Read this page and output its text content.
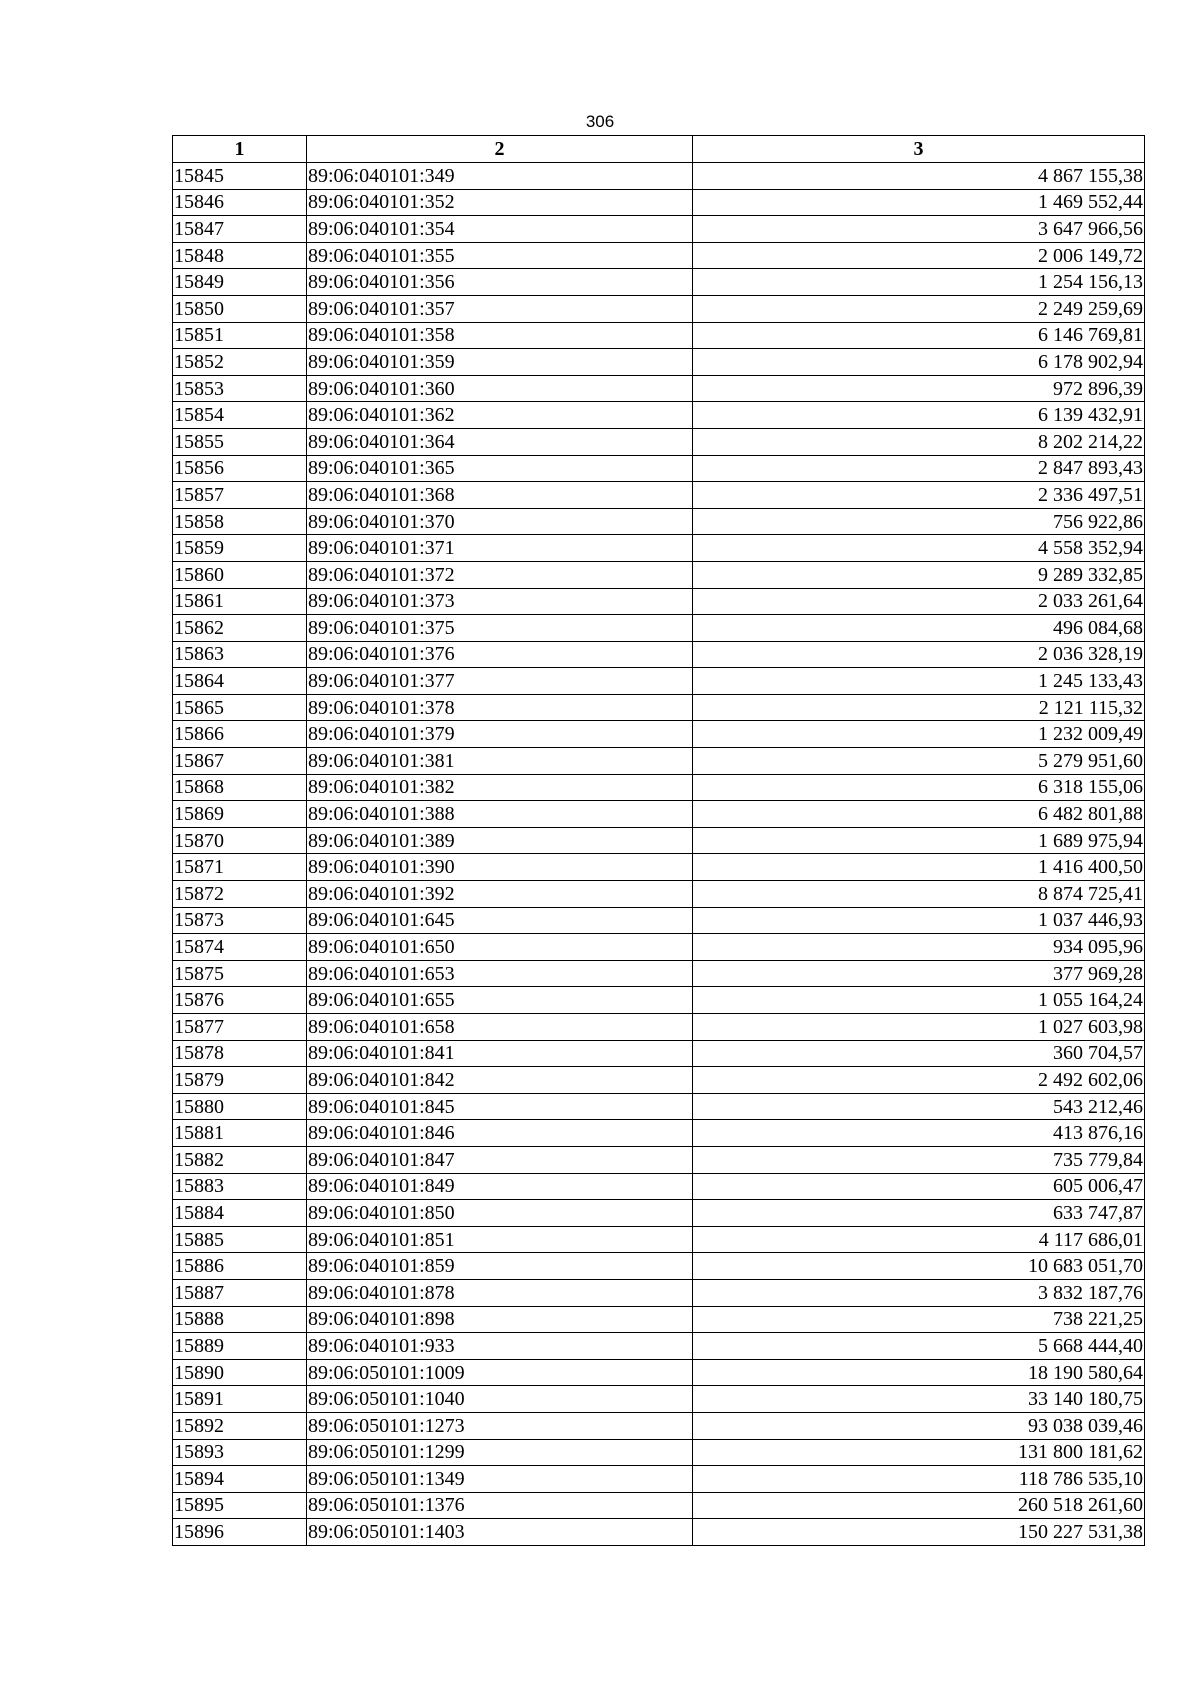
306
1	2	3
15845	89:06:040101:349	4 867 155,38
15846	89:06:040101:352	1 469 552,44
15847	89:06:040101:354	3 647 966,56
15848	89:06:040101:355	2 006 149,72
15849	89:06:040101:356	1 254 156,13
15850	89:06:040101:357	2 249 259,69
15851	89:06:040101:358	6 146 769,81
15852	89:06:040101:359	6 178 902,94
15853	89:06:040101:360	972 896,39
15854	89:06:040101:362	6 139 432,91
15855	89:06:040101:364	8 202 214,22
15856	89:06:040101:365	2 847 893,43
15857	89:06:040101:368	2 336 497,51
15858	89:06:040101:370	756 922,86
15859	89:06:040101:371	4 558 352,94
15860	89:06:040101:372	9 289 332,85
15861	89:06:040101:373	2 033 261,64
15862	89:06:040101:375	496 084,68
15863	89:06:040101:376	2 036 328,19
15864	89:06:040101:377	1 245 133,43
15865	89:06:040101:378	2 121 115,32
15866	89:06:040101:379	1 232 009,49
15867	89:06:040101:381	5 279 951,60
15868	89:06:040101:382	6 318 155,06
15869	89:06:040101:388	6 482 801,88
15870	89:06:040101:389	1 689 975,94
15871	89:06:040101:390	1 416 400,50
15872	89:06:040101:392	8 874 725,41
15873	89:06:040101:645	1 037 446,93
15874	89:06:040101:650	934 095,96
15875	89:06:040101:653	377 969,28
15876	89:06:040101:655	1 055 164,24
15877	89:06:040101:658	1 027 603,98
15878	89:06:040101:841	360 704,57
15879	89:06:040101:842	2 492 602,06
15880	89:06:040101:845	543 212,46
15881	89:06:040101:846	413 876,16
15882	89:06:040101:847	735 779,84
15883	89:06:040101:849	605 006,47
15884	89:06:040101:850	633 747,87
15885	89:06:040101:851	4 117 686,01
15886	89:06:040101:859	10 683 051,70
15887	89:06:040101:878	3 832 187,76
15888	89:06:040101:898	738 221,25
15889	89:06:040101:933	5 668 444,40
15890	89:06:050101:1009	18 190 580,64
15891	89:06:050101:1040	33 140 180,75
15892	89:06:050101:1273	93 038 039,46
15893	89:06:050101:1299	131 800 181,62
15894	89:06:050101:1349	118 786 535,10
15895	89:06:050101:1376	260 518 261,60
15896	89:06:050101:1403	150 227 531,38
